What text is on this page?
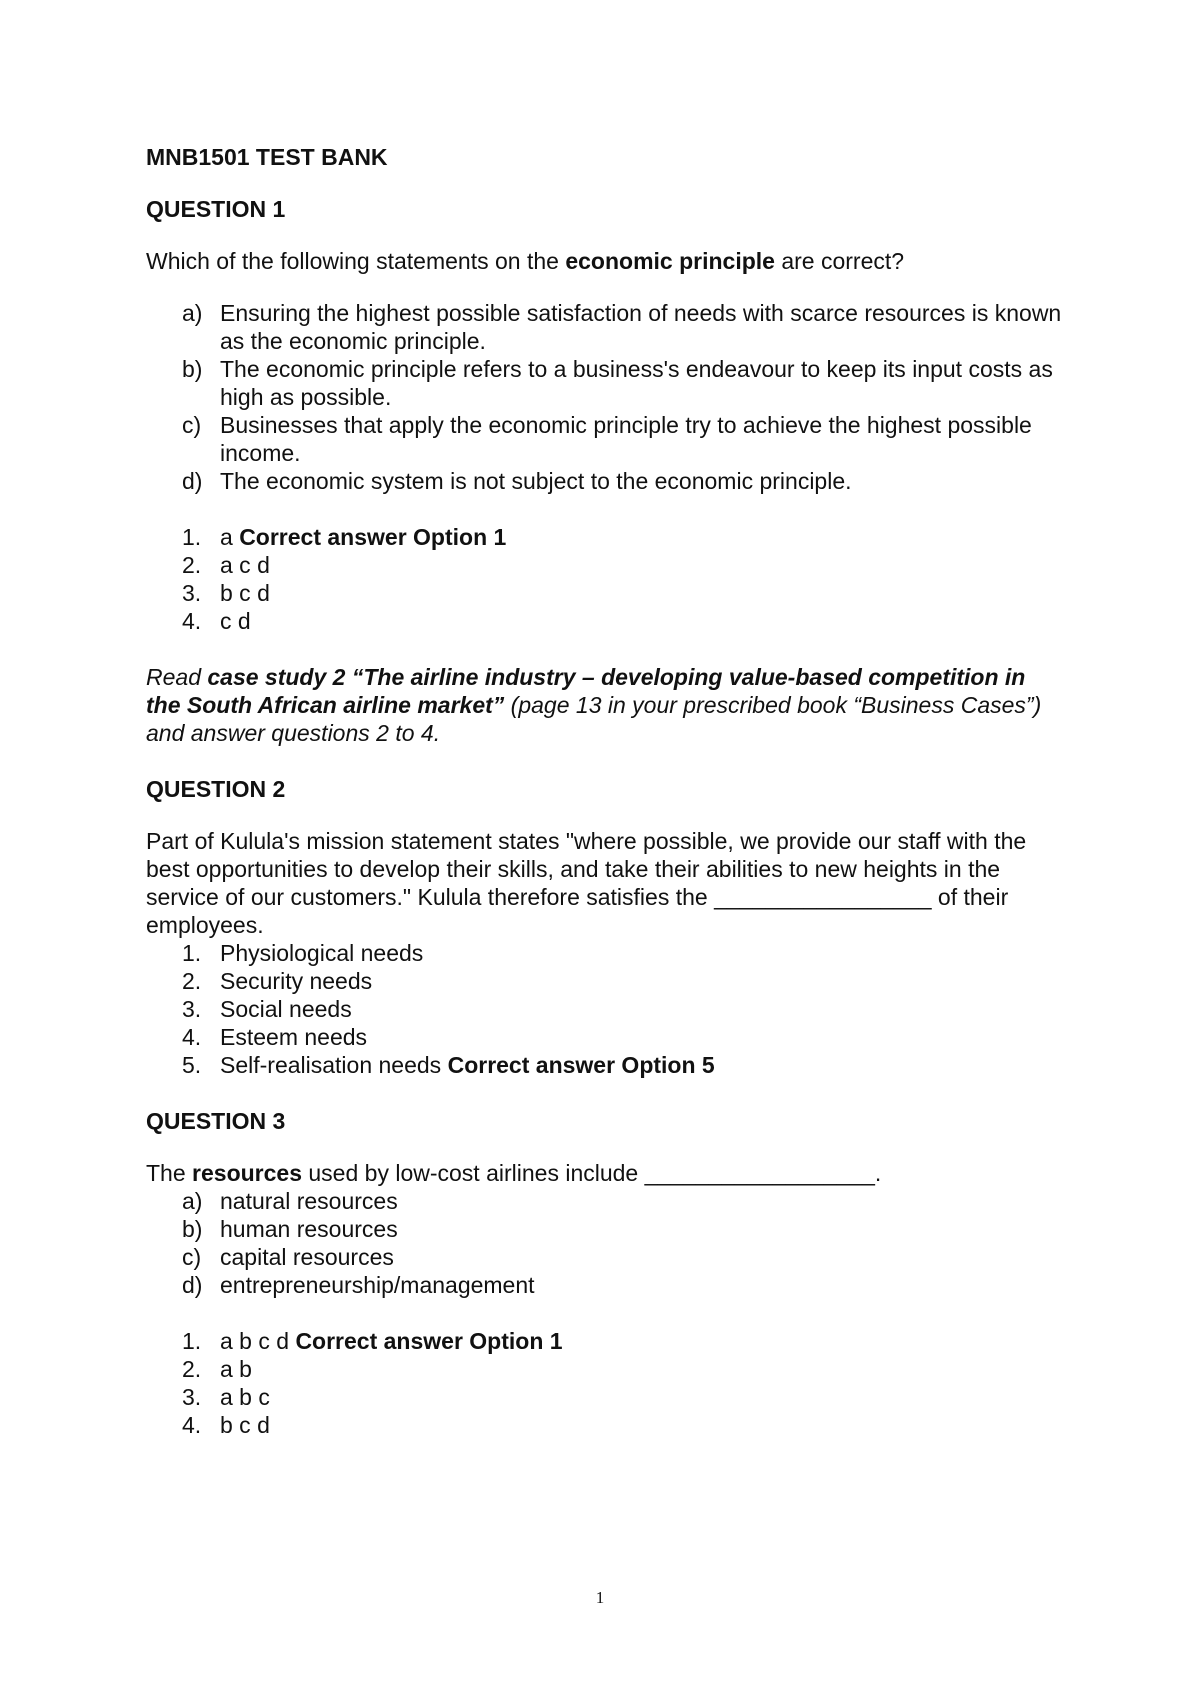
MNB1501 TEST BANK

QUESTION 1

Which of the following statements on the economic principle are correct?

a) Ensuring the highest possible satisfaction of needs with scarce resources is known as the economic principle.
b) The economic principle refers to a business's endeavour to keep its input costs as high as possible.
c) Businesses that apply the economic principle try to achieve the highest possible income.
d) The economic system is not subject to the economic principle.
1. a Correct answer Option 1
2. a c d
3. b c d
4. c d

Read case study 2 “The airline industry – developing value-based competition in the South African airline market” (page 13 in your prescribed book “Business Cases”) and answer questions 2 to 4.

QUESTION 2

Part of Kulula's mission statement states "where possible, we provide our staff with the best opportunities to develop their skills, and take their abilities to new heights in the service of our customers." Kulula therefore satisfies the _________________ of their employees.

1. Physiological needs
2. Security needs
3. Social needs
4. Esteem needs
5. Self-realisation needs Correct answer Option 5

QUESTION 3

The resources used by low-cost airlines include __________________.

a) natural resources
b) human resources
c) capital resources
d) entrepreneurship/management
1. a b c d Correct answer Option 1
2. a b
3. a b c
4. b c d
1
